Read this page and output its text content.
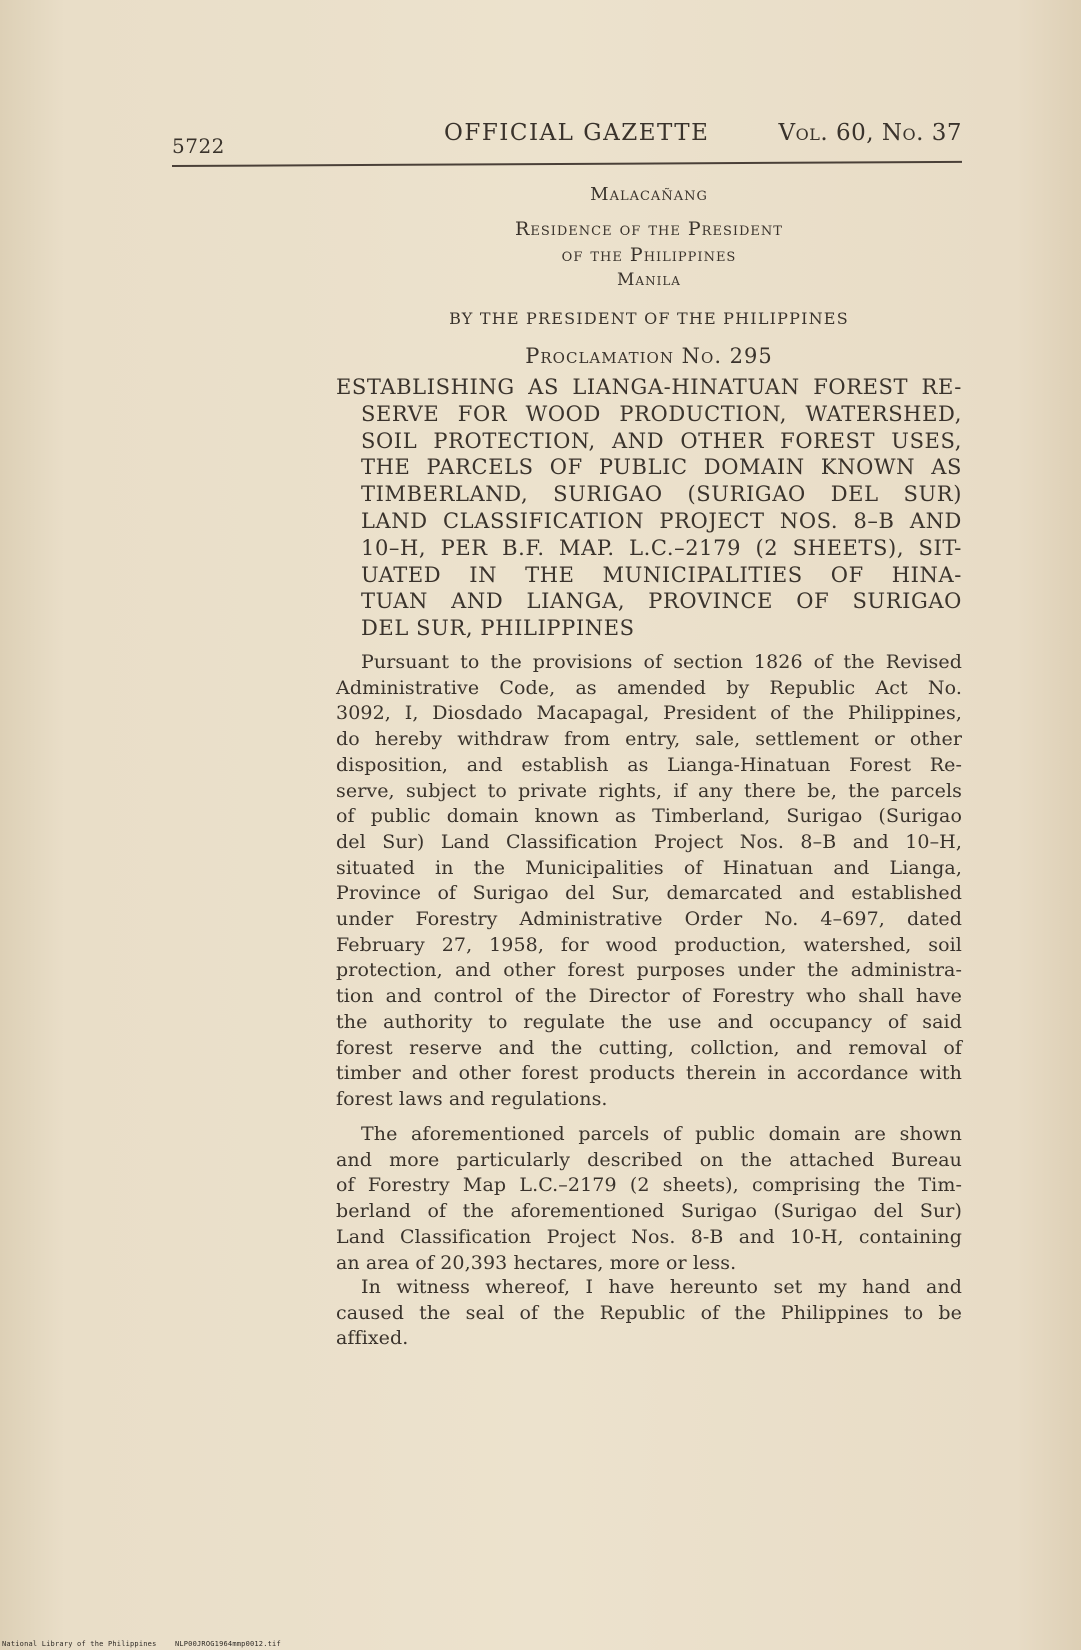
5722	OFFICIAL GAZETTE	Vol. 60, No. 37
Malacañang
Residence of the President
of the Philippines
Manila
BY THE PRESIDENT OF THE PHILIPPINES
Proclamation No. 295
ESTABLISHING AS LIANGA-HINATUAN FOREST RE-
SERVE FOR WOOD PRODUCTION, WATERSHED,
SOIL PROTECTION, AND OTHER FOREST USES,
THE PARCELS OF PUBLIC DOMAIN KNOWN AS
TIMBERLAND, SURIGAO (SURIGAO DEL SUR)
LAND CLASSIFICATION PROJECT NOS. 8–B AND
10–H, PER B.F. MAP. L.C.–2179 (2 SHEETS), SIT-
UATED IN THE MUNICIPALITIES OF HINA-
TUAN AND LIANGA, PROVINCE OF SURIGAO
DEL SUR, PHILIPPINES
Pursuant to the provisions of section 1826 of the Revised
Administrative Code, as amended by Republic Act No.
3092, I, Diosdado Macapagal, President of the Philippines,
do hereby withdraw from entry, sale, settlement or other
disposition, and establish as Lianga-Hinatuan Forest Re-
serve, subject to private rights, if any there be, the parcels
of public domain known as Timberland, Surigao (Surigao
del Sur) Land Classification Project Nos. 8–B and 10–H,
situated in the Municipalities of Hinatuan and Lianga,
Province of Surigao del Sur, demarcated and established
under Forestry Administrative Order No. 4–697, dated
February 27, 1958, for wood production, watershed, soil
protection, and other forest purposes under the administra-
tion and control of the Director of Forestry who shall have
the authority to regulate the use and occupancy of said
forest reserve and the cutting, collction, and removal of
timber and other forest products therein in accordance with
forest laws and regulations.
The aforementioned parcels of public domain are shown
and more particularly described on the attached Bureau
of Forestry Map L.C.–2179 (2 sheets), comprising the Tim-
berland of the aforementioned Surigao (Surigao del Sur)
Land Classification Project Nos. 8-B and 10-H, containing
an area of 20,393 hectares, more or less.
In witness whereof, I have hereunto set my hand and
caused the seal of the Republic of the Philippines to be
affixed.
National Library of the Philippines	NLP00JROG1964mmp0012.tif
